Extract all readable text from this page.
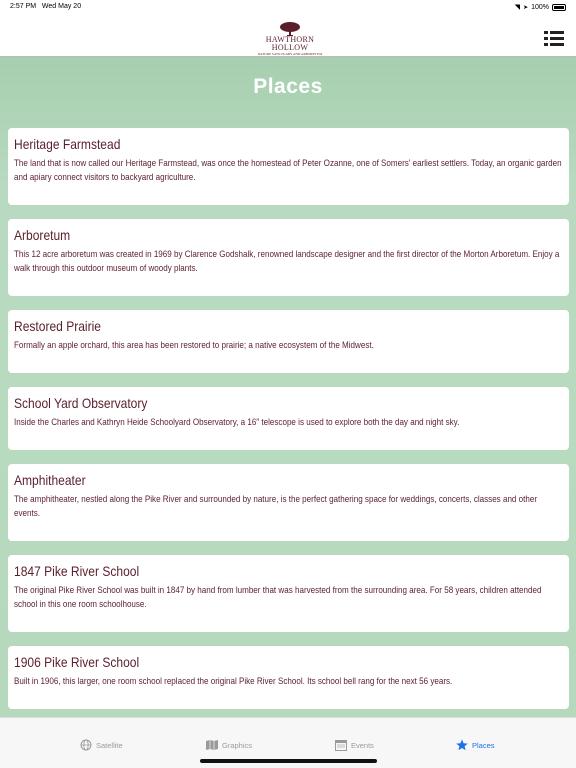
2:57 PM Wed May 20	◥ ➤ 100%
HAWTHORN HOLLOW
NATURE SANCTUARY AND ARBORETUM
Places
Heritage Farmstead
The land that is now called our Heritage Farmstead, was once the homestead of Peter Ozanne, one of Somers' earliest settlers. Today, an organic garden and apiary connect visitors to backyard agriculture.
Arboretum
This 12 acre arboretum was created in 1969 by Clarence Godshalk, renowned landscape designer and the first director of the Morton Arboretum. Enjoy a walk through this outdoor museum of woody plants.
Restored Prairie
Formally an apple orchard, this area has been restored to prairie; a native ecosystem of the Midwest.
School Yard Observatory
Inside the Charles and Kathryn Heide Schoolyard Observatory, a 16″ telescope is used to explore both the day and night sky.
Amphitheater
The amphitheater, nestled along the Pike River and surrounded by nature, is the perfect gathering space for weddings, concerts, classes and other events.
1847 Pike River School
The original Pike River School was built in 1847 by hand from lumber that was harvested from the surrounding area. For 58 years, children attended school in this one room schoolhouse.
1906 Pike River School
Built in 1906, this larger, one room school replaced the original Pike River School. Its school bell rang for the next 56 years.
Satellite	Graphics	Events	Places
